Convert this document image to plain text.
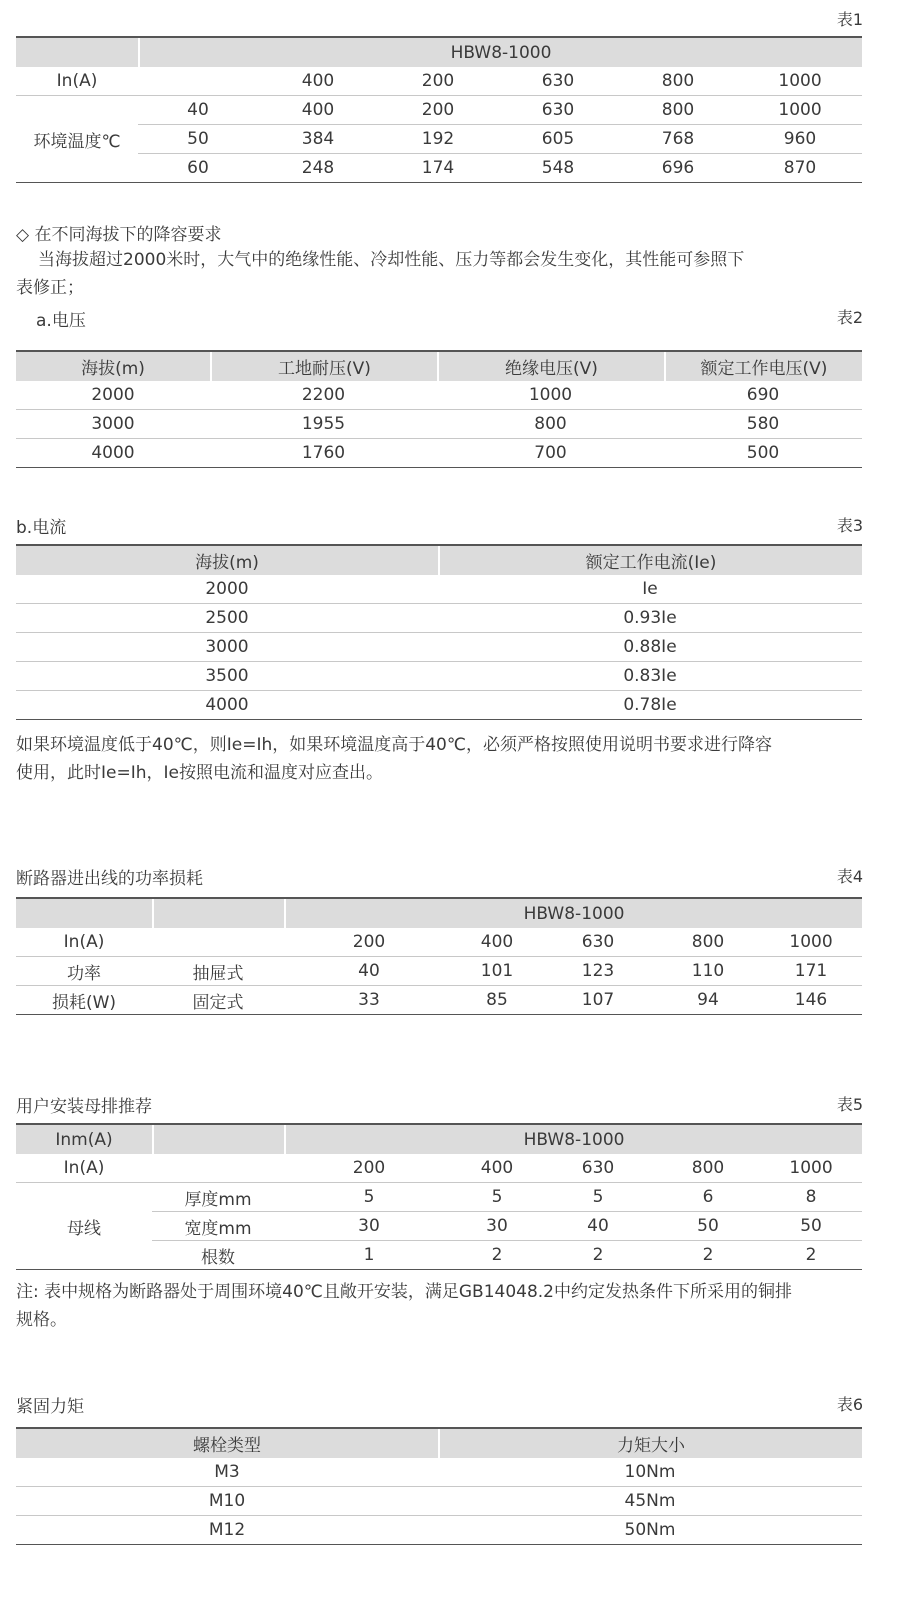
表1
	HBW8-1000					
In(A)		400	200	630	800	1000
	40	400	200	630	800	1000
环境温度℃	50	384	192	605	768	960
	60	248	174	548	696	870
◇ 在不同海拔下的降容要求
当海拔超过2000米时，大气中的绝缘性能、冷却性能、压力等都会发生变化，其性能可参照下
表修正；
a.电压	表2
海拔(m)	工地耐压(V)	绝缘电压(V)	额定工作电压(V)
2000	2200	1000	690
3000	1955	800	580
4000	1760	700	500
b.电流	表3
海拔(m)	额定工作电流(Ie)
2000	Ie
2500	0.93Ie
3000	0.88Ie
3500	0.83Ie
4000	0.78Ie
如果环境温度低于40℃，则Ie=Ih，如果环境温度高于40℃，必须严格按照使用说明书要求进行降容
使用，此时Ie=Ih，Ie按照电流和温度对应查出。
断路器进出线的功率损耗	表4
		HBW8-1000				
In(A)		200	400	630	800	1000
功率	抽屉式	40	101	123	110	171
损耗(W)	固定式	33	85	107	94	146
用户安装母排推荐	表5
Inm(A)		HBW8-1000				
In(A)		200	400	630	800	1000
	厚度mm	5	5	5	6	8
母线	宽度mm	30	30	40	50	50
	根数	1	2	2	2	2
注: 表中规格为断路器处于周围环境40℃且敞开安装，满足GB14048.2中约定发热条件下所采用的铜排
规格。
紧固力矩	表6
螺栓类型	力矩大小
M3	10Nm
M10	45Nm
M12	50Nm
